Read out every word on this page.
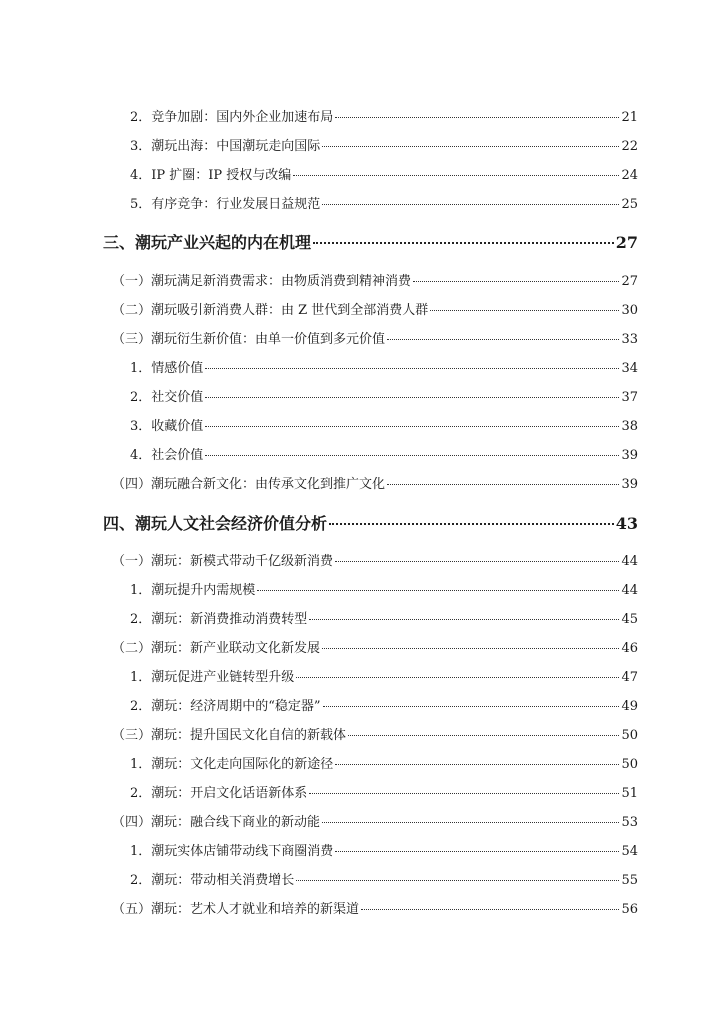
2．竞争加剧：国内外企业加速布局	21
3．潮玩出海：中国潮玩走向国际	22
4．IP 扩圈：IP 授权与改编	24
5．有序竞争：行业发展日益规范	25
三、潮玩产业兴起的内在机理	27
（一）潮玩满足新消费需求：由物质消费到精神消费	27
（二）潮玩吸引新消费人群：由 Z 世代到全部消费人群	30
（三）潮玩衍生新价值：由单一价值到多元价值	33
1．情感价值	34
2．社交价值	37
3．收藏价值	38
4．社会价值	39
（四）潮玩融合新文化：由传承文化到推广文化	39
四、潮玩人文社会经济价值分析	43
（一）潮玩：新模式带动千亿级新消费	44
1．潮玩提升内需规模	44
2．潮玩：新消费推动消费转型	45
（二）潮玩：新产业联动文化新发展	46
1．潮玩促进产业链转型升级	47
2．潮玩：经济周期中的“稳定器”	49
（三）潮玩：提升国民文化自信的新载体	50
1．潮玩：文化走向国际化的新途径	50
2．潮玩：开启文化话语新体系	51
（四）潮玩：融合线下商业的新动能	53
1．潮玩实体店铺带动线下商圈消费	54
2．潮玩：带动相关消费增长	55
（五）潮玩：艺术人才就业和培养的新渠道	56
